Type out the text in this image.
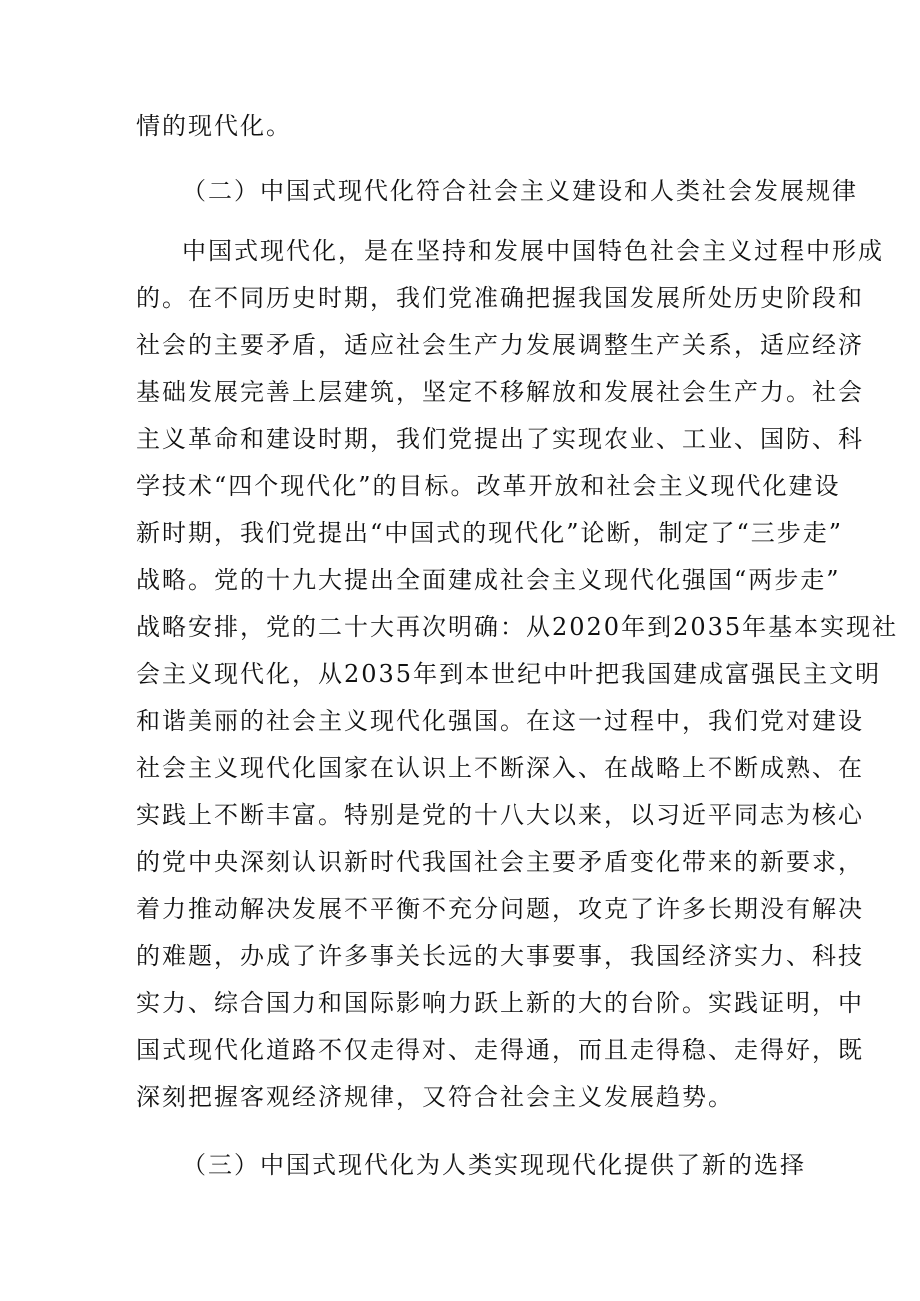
情的现代化。
（二）中国式现代化符合社会主义建设和人类社会发展规律
中国式现代化，是在坚持和发展中国特色社会主义过程中形成
的。在不同历史时期，我们党准确把握我国发展所处历史阶段和
社会的主要矛盾，适应社会生产力发展调整生产关系，适应经济
基础发展完善上层建筑，坚定不移解放和发展社会生产力。社会
主义革命和建设时期，我们党提出了实现农业、工业、国防、科
学技术“四个现代化”的目标。改革开放和社会主义现代化建设
新时期，我们党提出“中国式的现代化”论断，制定了“三步走”
战略。党的十九大提出全面建成社会主义现代化强国“两步走”
战略安排，党的二十大再次明确：从2020年到2035年基本实现社
会主义现代化，从2035年到本世纪中叶把我国建成富强民主文明
和谐美丽的社会主义现代化强国。在这一过程中，我们党对建设
社会主义现代化国家在认识上不断深入、在战略上不断成熟、在
实践上不断丰富。特别是党的十八大以来，以习近平同志为核心
的党中央深刻认识新时代我国社会主要矛盾变化带来的新要求，
着力推动解决发展不平衡不充分问题，攻克了许多长期没有解决
的难题，办成了许多事关长远的大事要事，我国经济实力、科技
实力、综合国力和国际影响力跃上新的大的台阶。实践证明，中
国式现代化道路不仅走得对、走得通，而且走得稳、走得好，既
深刻把握客观经济规律，又符合社会主义发展趋势。
（三）中国式现代化为人类实现现代化提供了新的选择
